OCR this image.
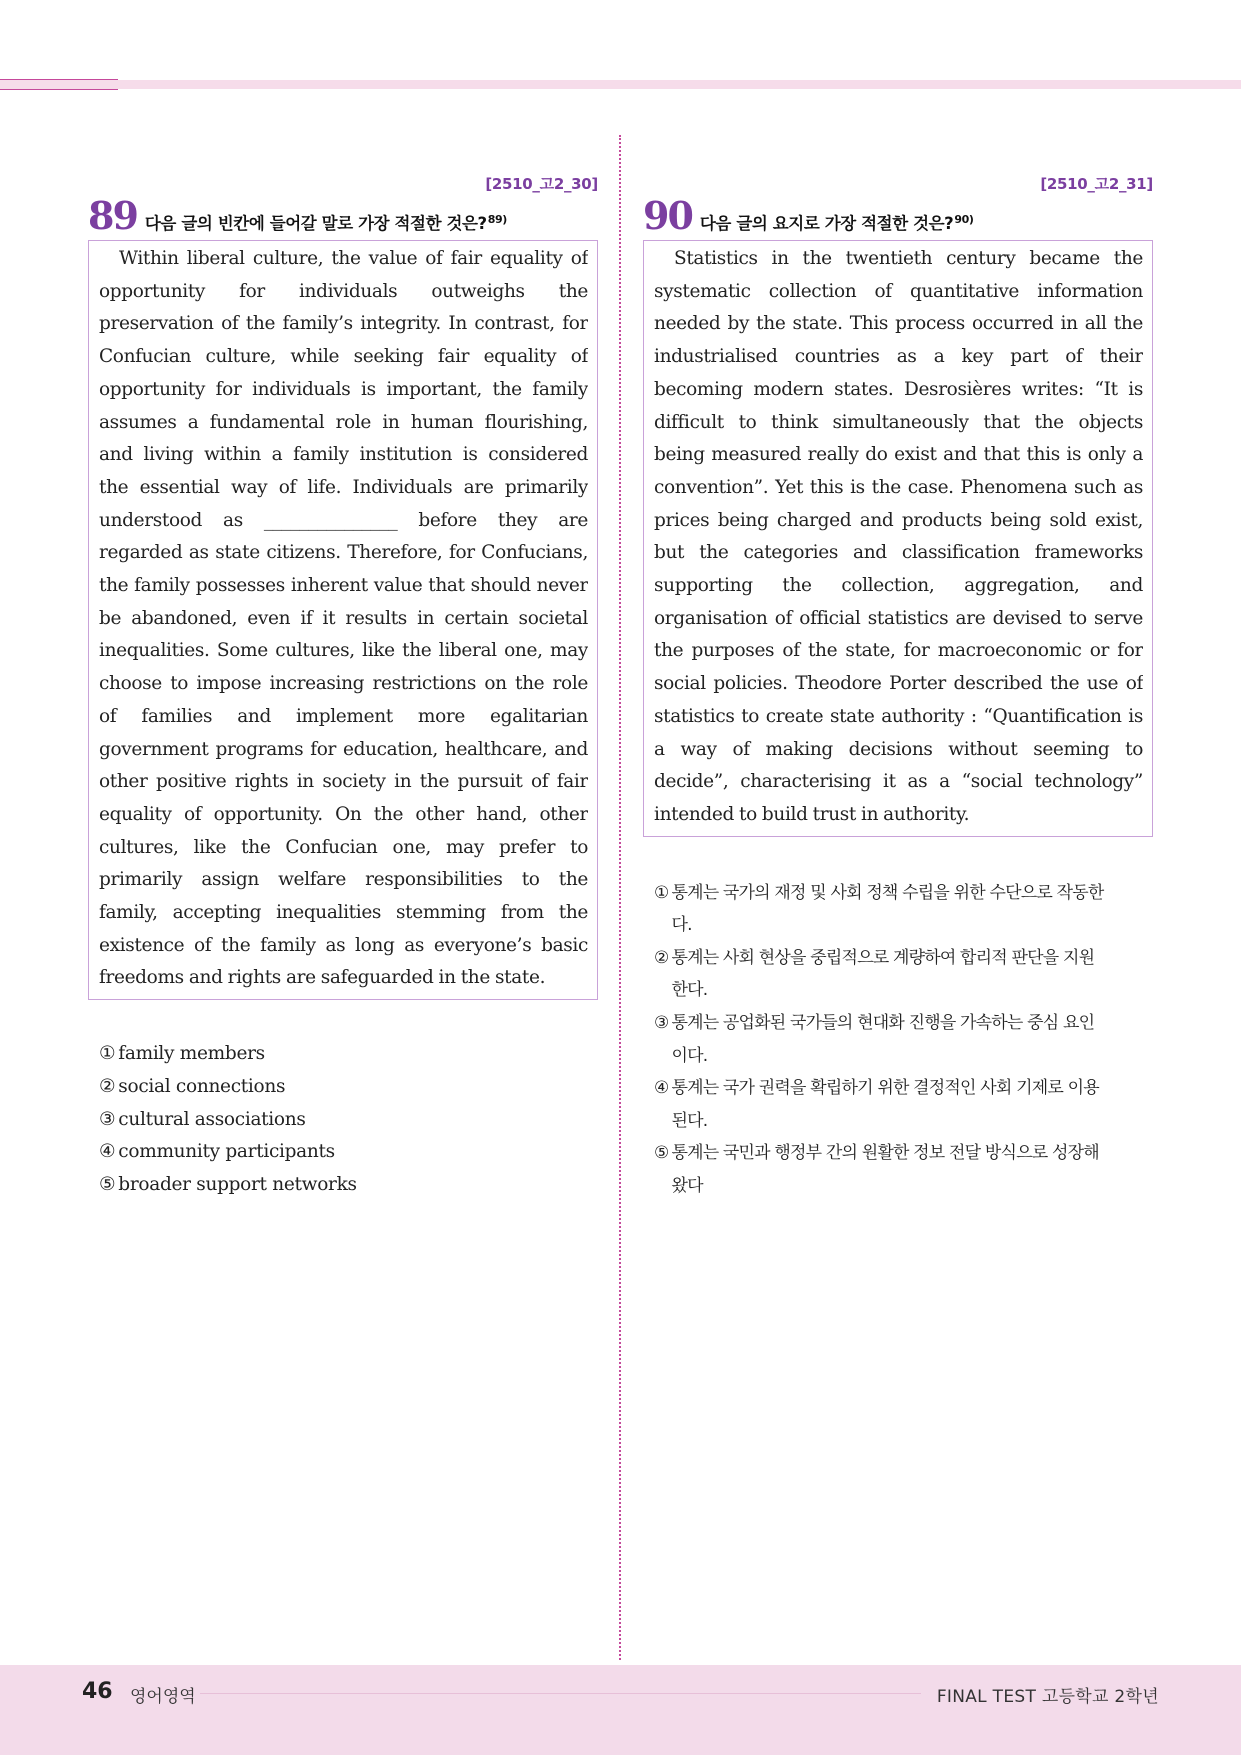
[2510_고2_30]
89 다음 글의 빈칸에 들어갈 말로 가장 적절한 것은?$^{89)}$
Within liberal culture, the value of fair equality of
opportunity for individuals outweighs the
preservation of the family’s integrity. In contrast, for
Confucian culture, while seeking fair equality of
opportunity for individuals is important, the family
assumes a fundamental role in human flourishing,
and living within a family institution is considered
the essential way of life. Individuals are primarily
understood as _______________ before they are
regarded as state citizens. Therefore, for Confucians,
the family possesses inherent value that should never
be abandoned, even if it results in certain societal
inequalities. Some cultures, like the liberal one, may
choose to impose increasing restrictions on the role
of families and implement more egalitarian
government programs for education, healthcare, and
other positive rights in society in the pursuit of fair
equality of opportunity. On the other hand, other
cultures, like the Confucian one, may prefer to
primarily assign welfare responsibilities to the
family, accepting inequalities stemming from the
existence of the family as long as everyone’s basic
freedoms and rights are safeguarded in the state.
① family members
② social connections
③ cultural associations
④ community participants
⑤ broader support networks
[2510_고2_31]
90 다음 글의 요지로 가장 적절한 것은?$^{90)}$
Statistics in the twentieth century became the
systematic collection of quantitative information
needed by the state. This process occurred in all the
industrialised countries as a key part of their
becoming modern states. Desrosières writes: “It is
difficult to think simultaneously that the objects
being measured really do exist and that this is only a
convention”. Yet this is the case. Phenomena such as
prices being charged and products being sold exist,
but the categories and classification frameworks
supporting the collection, aggregation, and
organisation of official statistics are devised to serve
the purposes of the state, for macroeconomic or for
social policies. Theodore Porter described the use of
statistics to create state authority : “Quantification is
a way of making decisions without seeming to
decide”, characterising it as a “social technology”
intended to build trust in authority.
① 통계는 국가의 재정 및 사회 정책 수립을 위한 수단으로 작동한
다.
② 통계는 사회 현상을 중립적으로 계량하여 합리적 판단을 지원
한다.
③ 통계는 공업화된 국가들의 현대화 진행을 가속하는 중심 요인
이다.
④ 통계는 국가 권력을 확립하기 위한 결정적인 사회 기제로 이용
된다.
⑤ 통계는 국민과 행정부 간의 원활한 정보 전달 방식으로 성장해
왔다
46 영어영역	FINAL TEST 고등학교 2학년
